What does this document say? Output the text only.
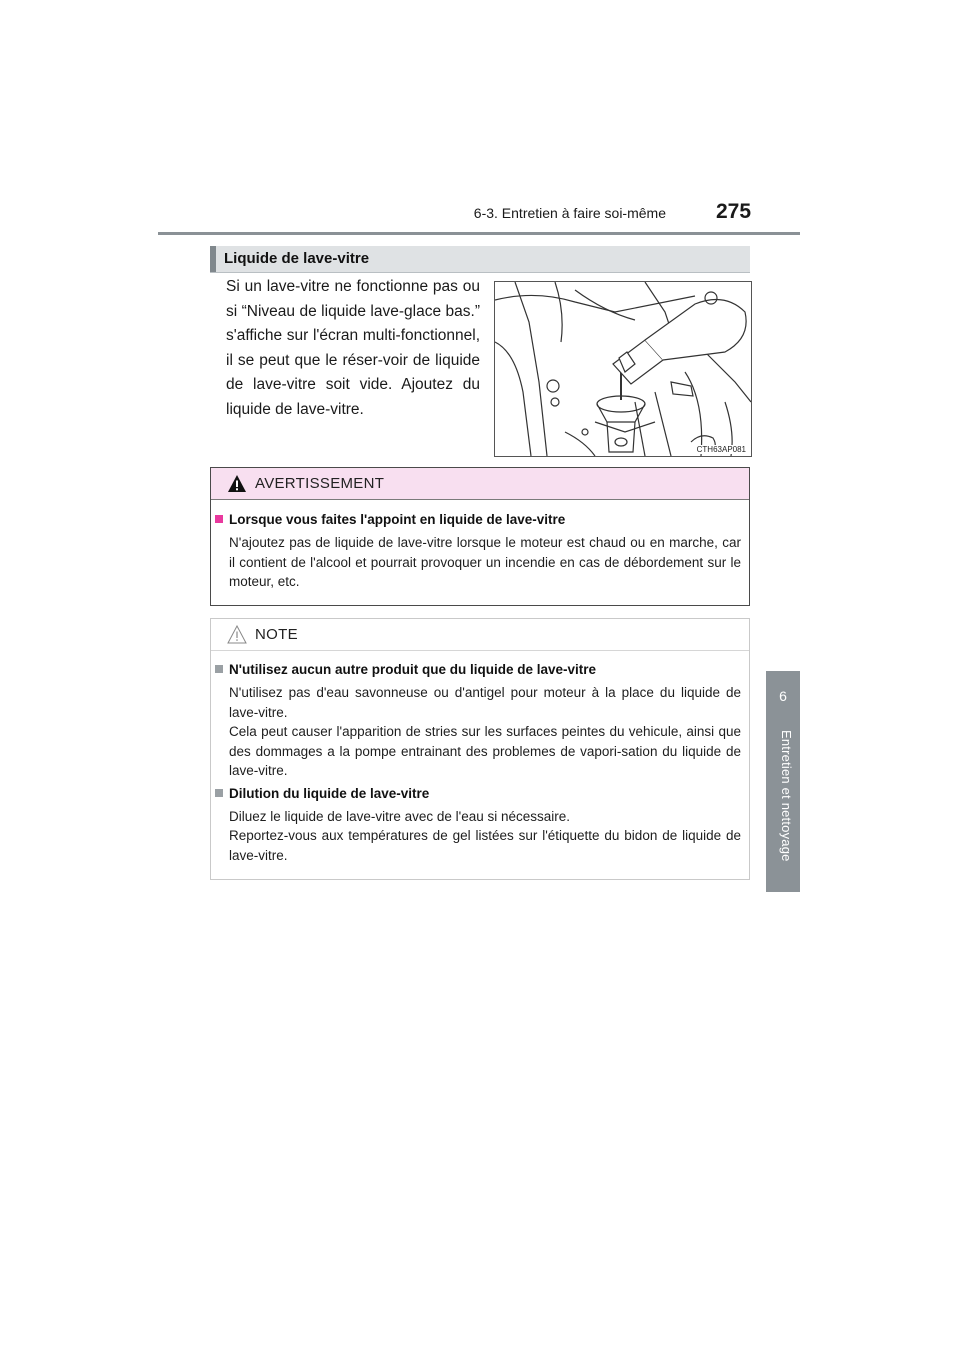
6-3. Entretien à faire soi-même 275
6
Entretien et nettoyage
Liquide de lave-vitre
Si un lave-vitre ne fonctionne pas ou si “Niveau de liquide lave-glace bas.” s'affiche sur l'écran multi-fonctionnel, il se peut que le réser-voir de liquide de lave-vitre soit vide. Ajoutez du liquide de lave-vitre.
CTH63AP081
AVERTISSEMENT
Lorsque vous faites l'appoint en liquide de lave-vitre
N'ajoutez pas de liquide de lave-vitre lorsque le moteur est chaud ou en marche, car il contient de l'alcool et pourrait provoquer un incendie en cas de débordement sur le moteur, etc.
NOTE
N'utilisez aucun autre produit que du liquide de lave-vitre
N'utilisez pas d'eau savonneuse ou d'antigel pour moteur à la place du liquide de lave-vitre.
Cela peut causer l'apparition de stries sur les surfaces peintes du vehicule, ainsi que des dommages a la pompe entrainant des problemes de vapori-sation du liquide de lave-vitre.
Dilution du liquide de lave-vitre
Diluez le liquide de lave-vitre avec de l'eau si nécessaire.
Reportez-vous aux températures de gel listées sur l'étiquette du bidon de liquide de lave-vitre.
